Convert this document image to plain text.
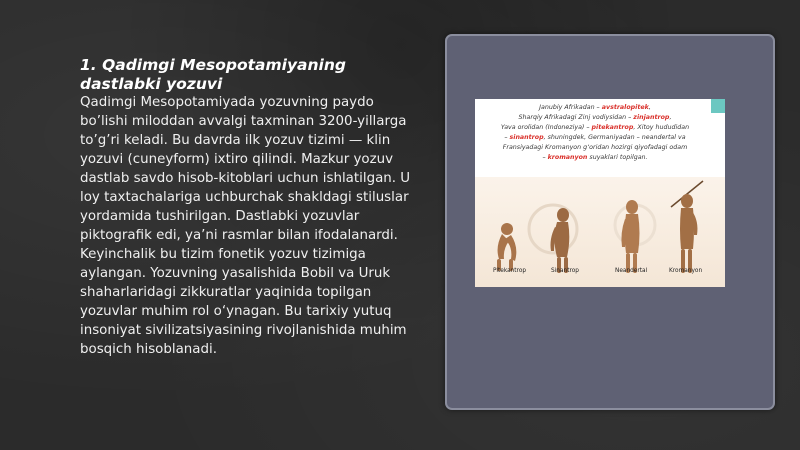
1. Qadimgi Mesopotamiyaning dastlabki yozuvi
Qadimgi Mesopotamiyada yozuvning paydo bo’lishi miloddan avvalgi taxminan 3200-yillarga to’g’ri keladi. Bu davrda ilk yozuv tizimi — klin yozuvi (cuneyform) ixtiro qilindi. Mazkur yozuv dastlab savdo hisob-kitoblari uchun ishlatilgan. U loy taxtachalariga uchburchak shakldagi stiluslar yordamida tushirilgan. Dastlabki yozuvlar piktografik edi, ya’ni rasmlar bilan ifodalanardi. Keyinchalik bu tizim fonetik yozuv tizimiga aylangan. Yozuvning yasalishida Bobil va Uruk shaharlaridagi zikkuratlar yaqinida topilgan yozuvlar muhim rol o‘ynagan. Bu tarixiy yutuq insoniyat sivilizatsiyasining rivojlanishida muhim bosqich hisoblanadi.
Janubiy Afrikadan – avstralopitek,
Sharqiy Afrikadagi Zinj vodiysidan – zinjantrop,
Yava orolidan (Indoneziya) – pitekantrop, Xitoy hududidan
– sinantrop, shuningdek, Germaniyadan – neandertal va
Fransiyadagi Kromanyon g‘oridan hozirgi qiyofadagi odam
– kromanyon suyaklari topilgan.
Pitekantrop	Sinantrop	Neandertal	Kromanyon
